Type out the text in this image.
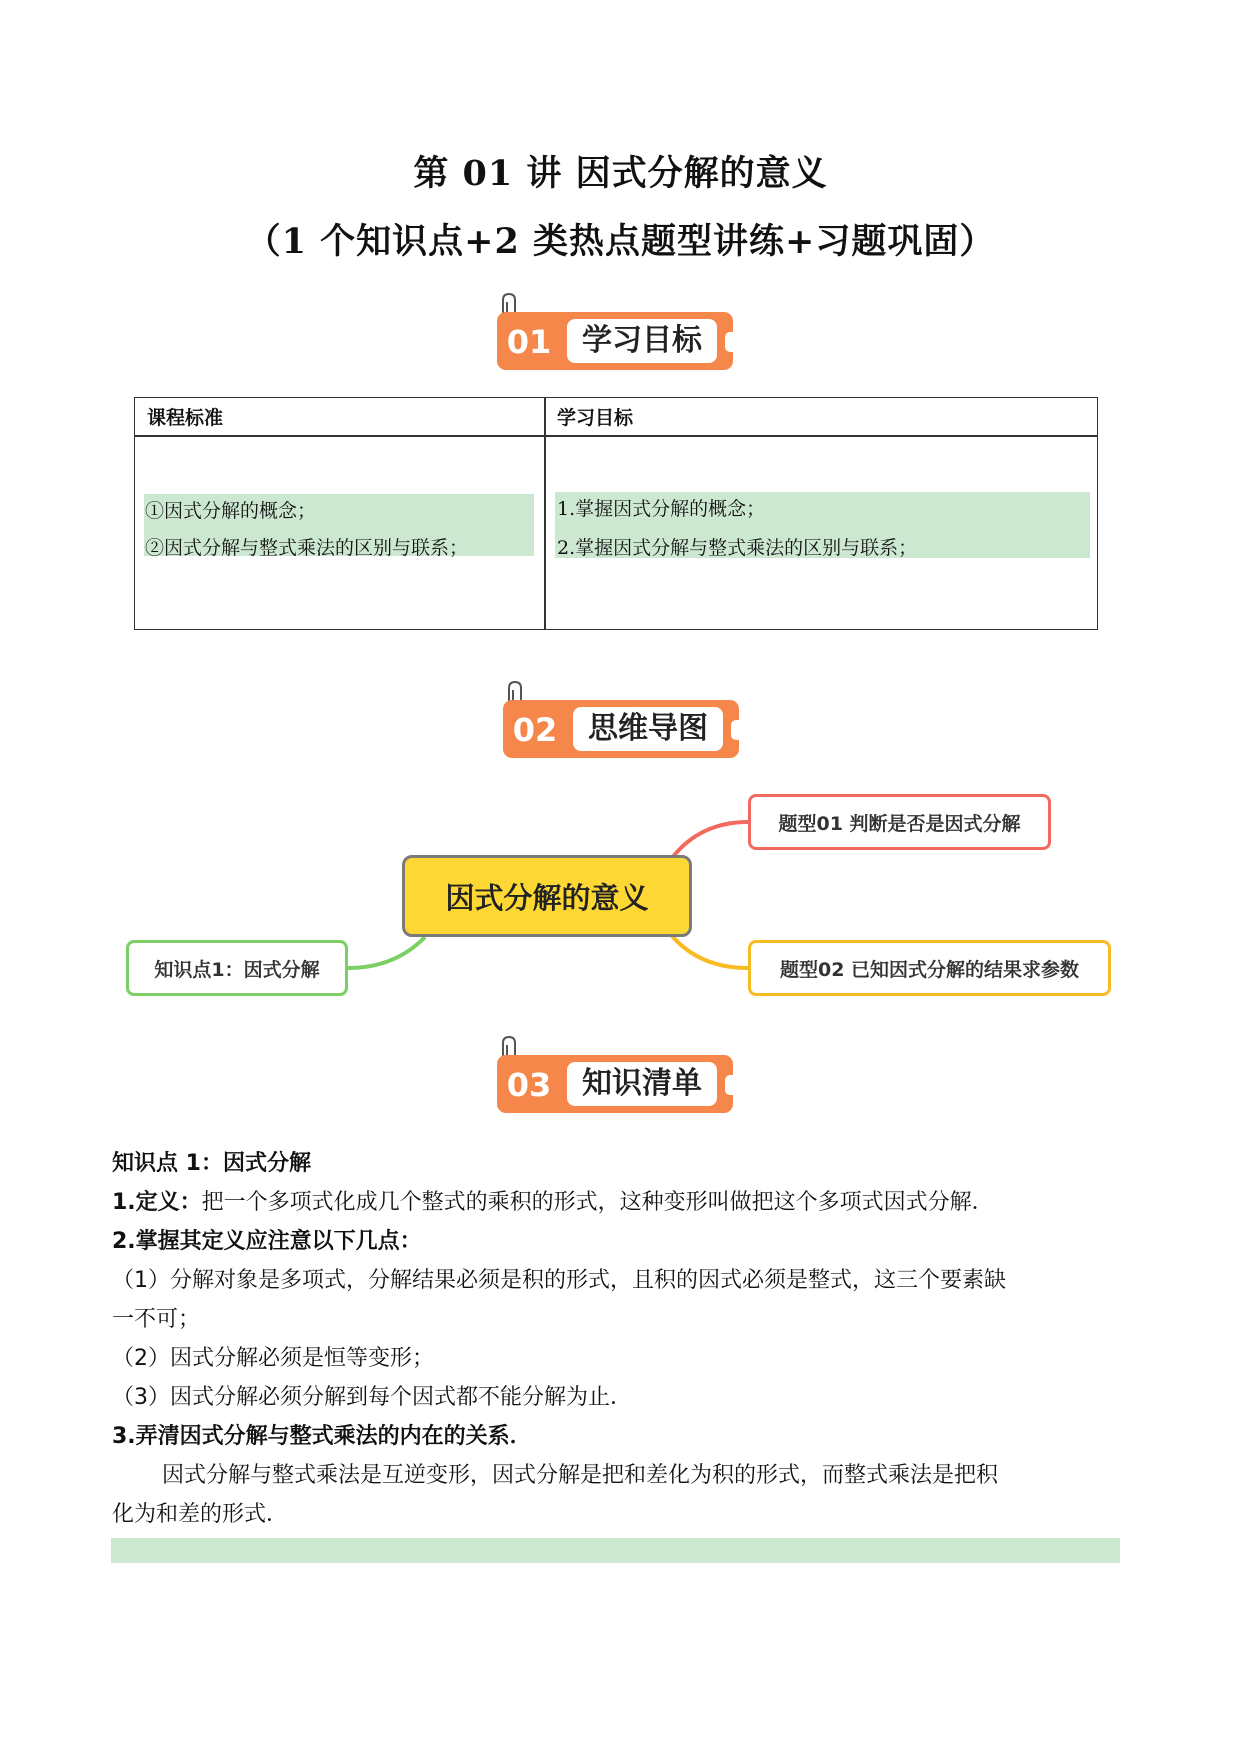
第 01 讲 因式分解的意义
（1 个知识点+2 类热点题型讲练+习题巩固）
01	学习目标
课程标准	学习目标
①因式分解的概念；
②因式分解与整式乘法的区别与联系；
1.掌握因式分解的概念；
2.掌握因式分解与整式乘法的区别与联系；
02	思维导图
因式分解的意义
知识点1：因式分解
题型01 判断是否是因式分解
题型02 已知因式分解的结果求参数
03	知识清单
知识点 1：因式分解
1.定义：把一个多项式化成几个整式的乘积的形式，这种变形叫做把这个多项式因式分解．
2.掌握其定义应注意以下几点：
（1）分解对象是多项式，分解结果必须是积的形式，且积的因式必须是整式，这三个要素缺
一不可；
（2）因式分解必须是恒等变形；
（3）因式分解必须分解到每个因式都不能分解为止．
3.弄清因式分解与整式乘法的内在的关系．
因式分解与整式乘法是互逆变形，因式分解是把和差化为积的形式，而整式乘法是把积
化为和差的形式．
